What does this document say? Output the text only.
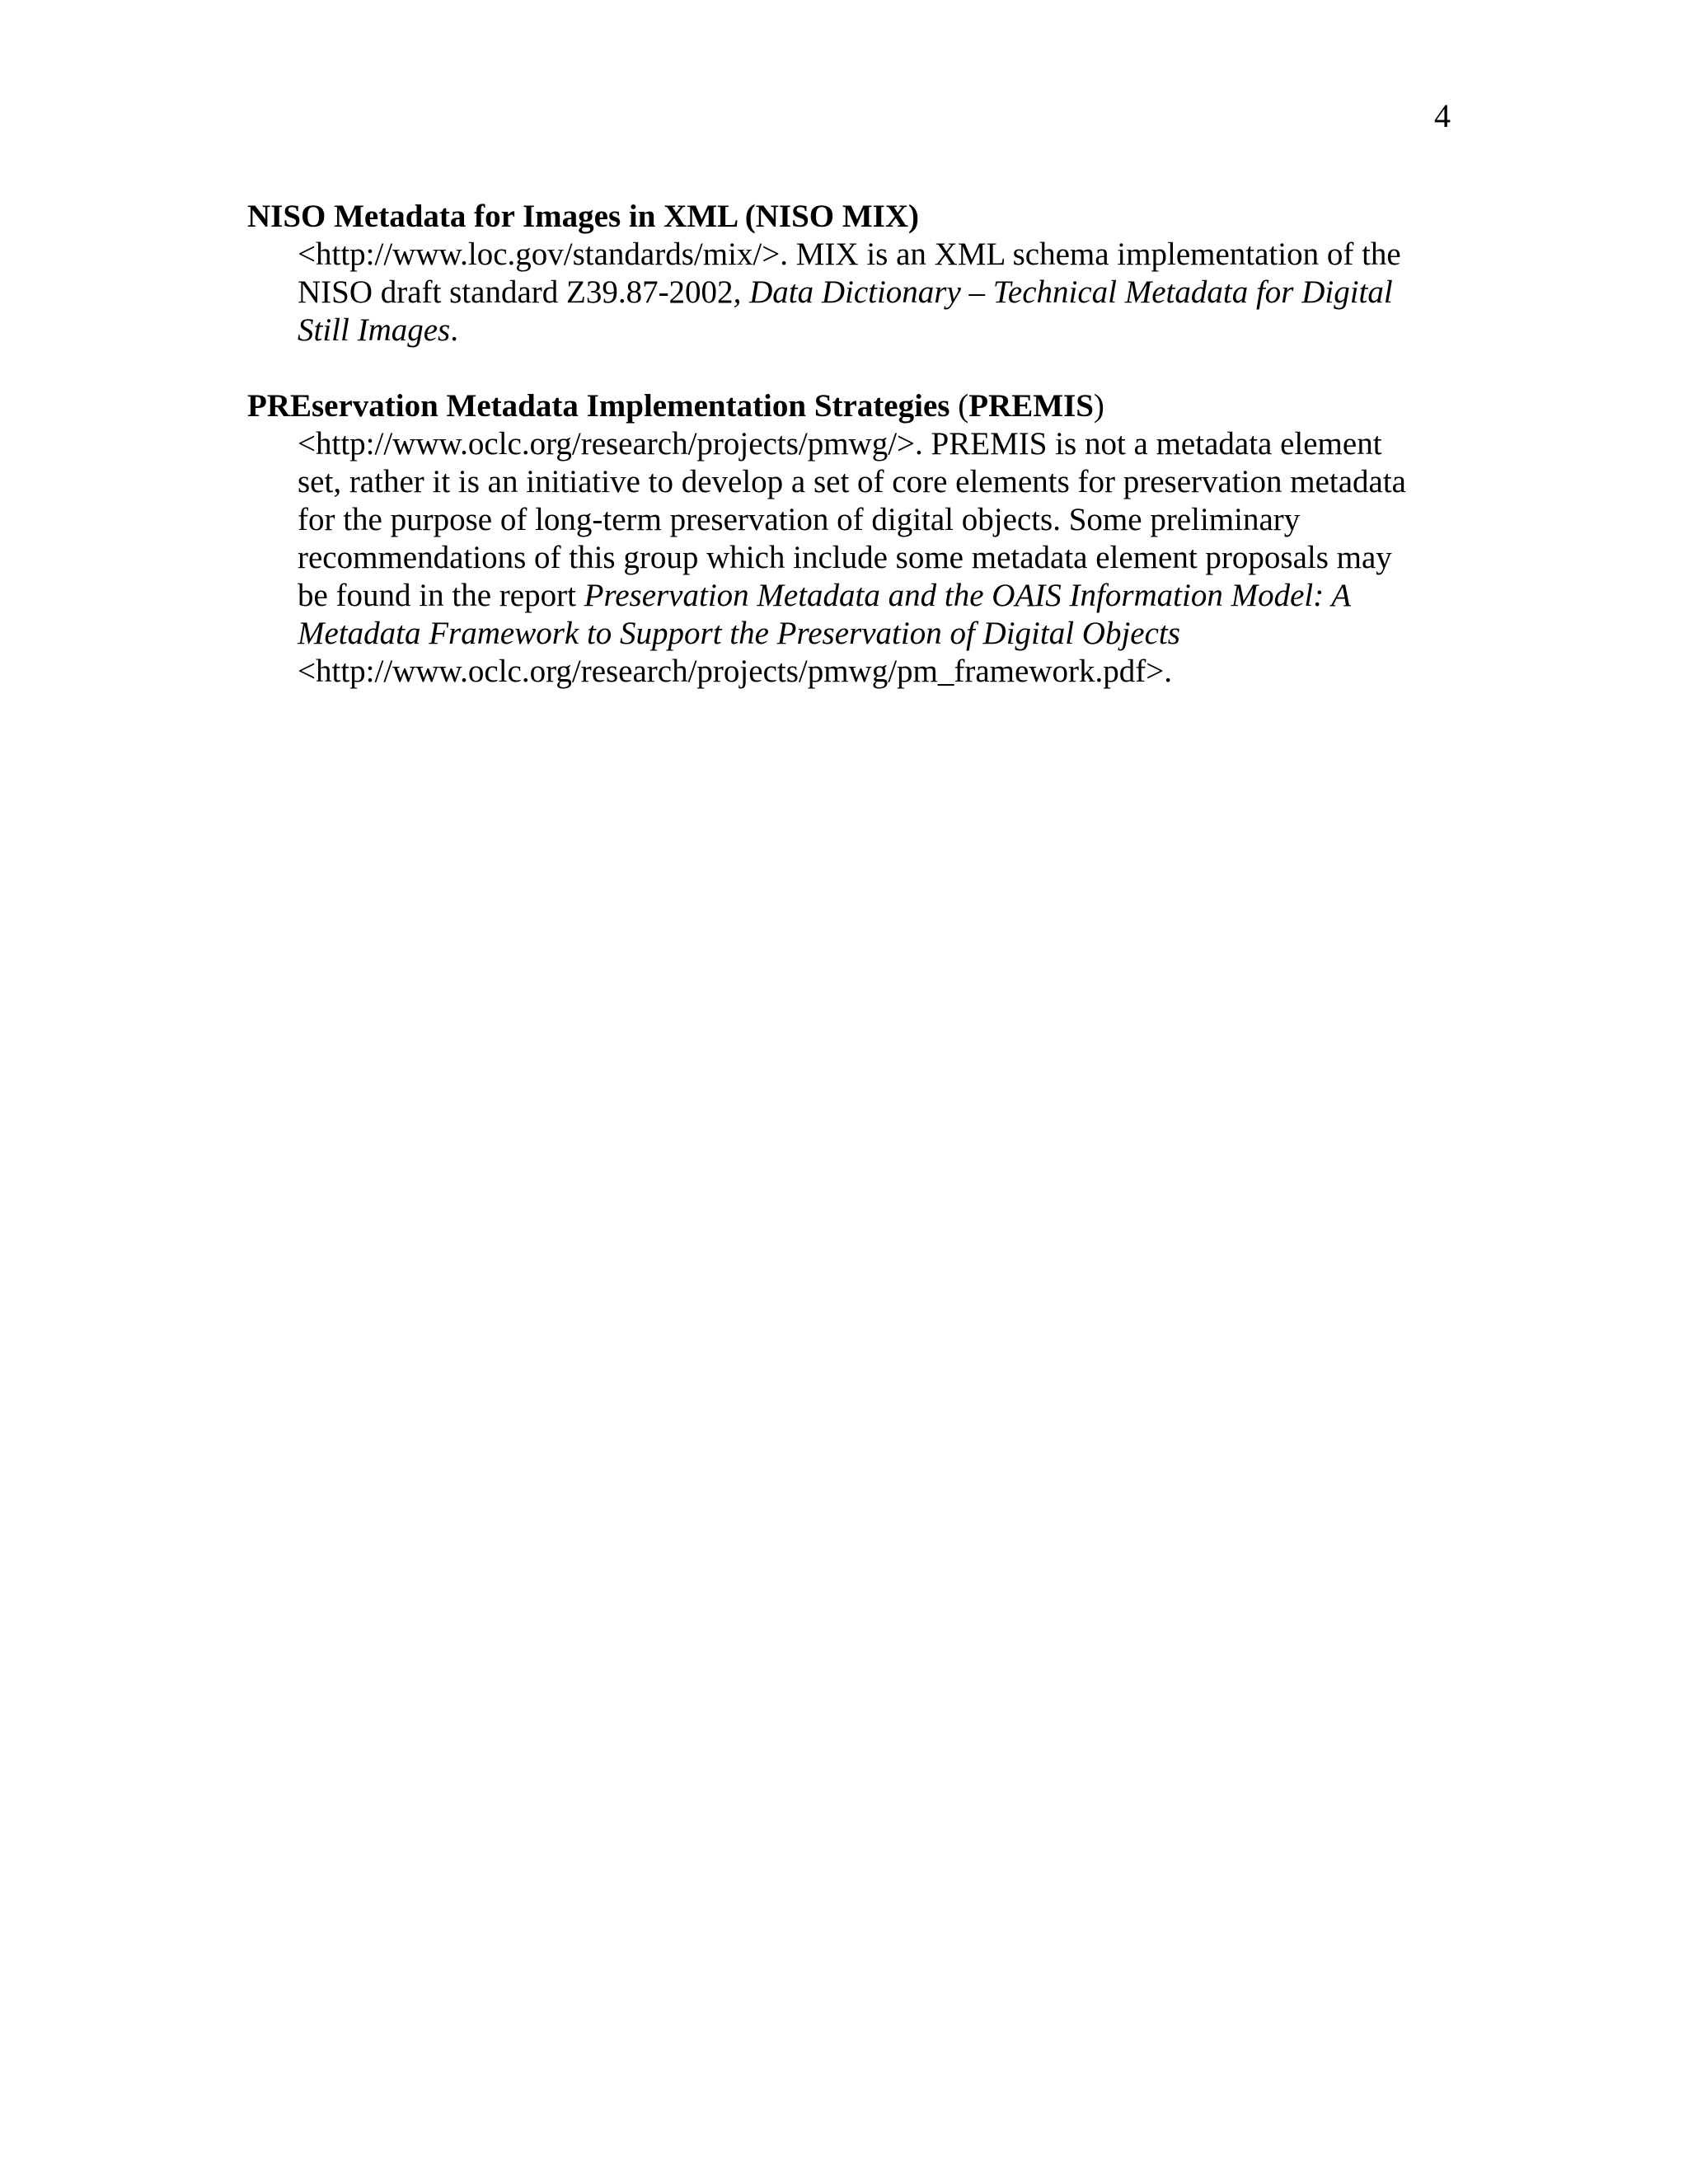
4

NISO Metadata for Images in XML (NISO MIX)

<http://www.loc.gov/standards/mix/>. MIX is an XML schema implementation of the
NISO draft standard Z39.87-2002, Data Dictionary – Technical Metadata for Digital
Still Images.

PREservation Metadata Implementation Strategies (PREMIS)

<http://www.oclc.org/research/projects/pmwg/>. PREMIS is not a metadata element
set, rather it is an initiative to develop a set of core elements for preservation metadata
for the purpose of long-term preservation of digital objects. Some preliminary
recommendations of this group which include some metadata element proposals may
be found in the report Preservation Metadata and the OAIS Information Model: A
Metadata Framework to Support the Preservation of Digital Objects
<http://www.oclc.org/research/projects/pmwg/pm_framework.pdf>.
